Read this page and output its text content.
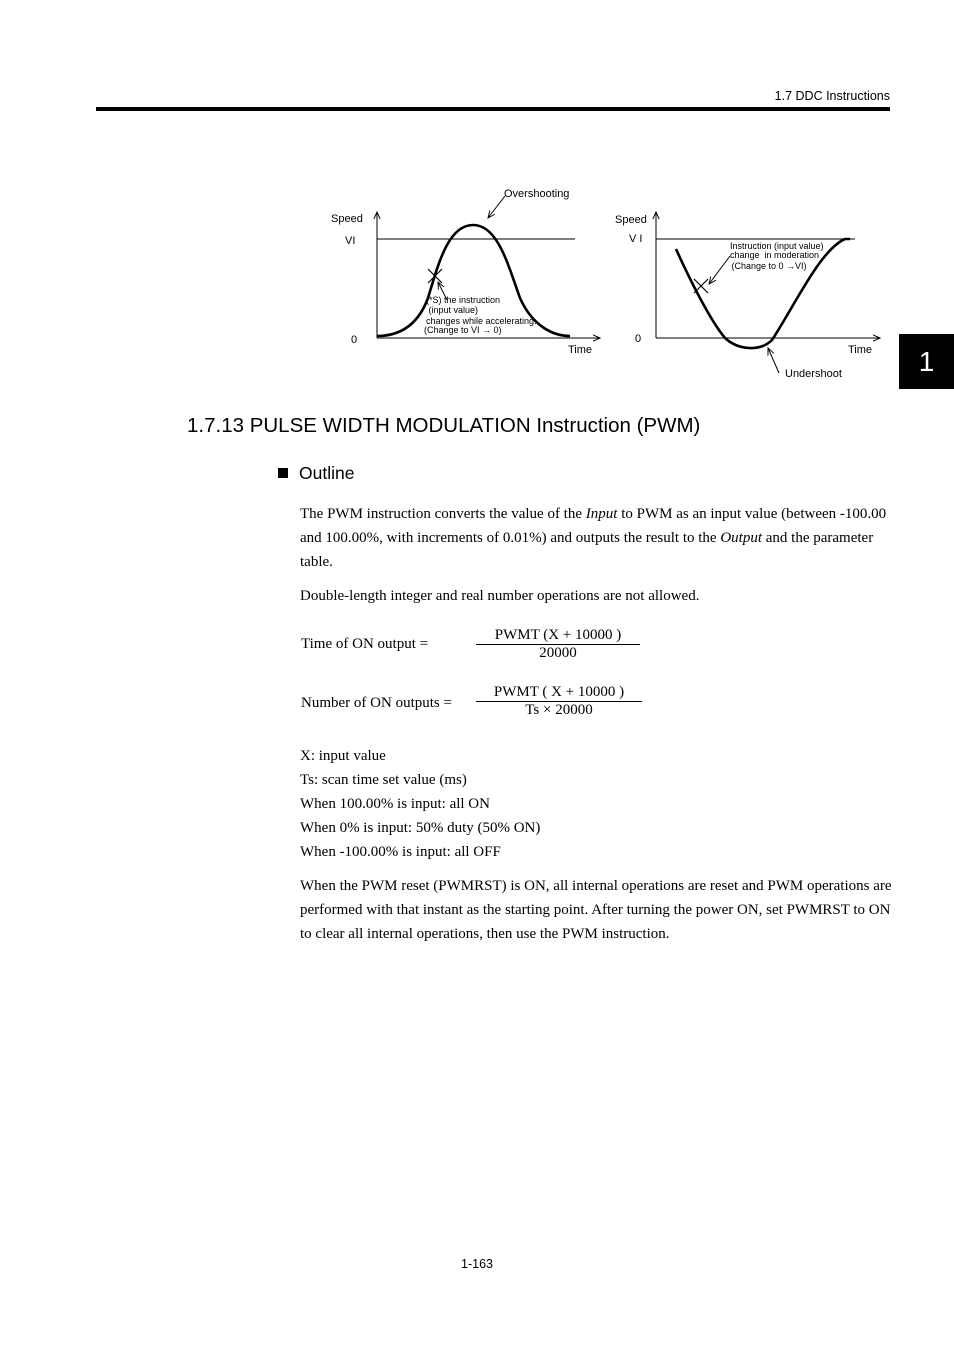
1.7 DDC Instructions
1
Speed
VI
0
Time
Overshooting
(*S) the instruction
(input value)
changes while accelerating.
(Change to VI → 0)
Speed
V I
0
Time
Undershoot
Instruction (input value)
change  in moderation
(Change to 0 →VI)
1.7.13 PULSE WIDTH MODULATION Instruction (PWM)
Outline
The PWM instruction converts the value of the Input to PWM as an input value (between -100.00 and 100.00%, with increments of 0.01%) and outputs the result to the Output and the parameter table.
Double-length integer and real number operations are not allowed.
Time of ON output =
PWMT (X + 10000 )
20000
Number of ON outputs =
PWMT ( X + 10000 )
Ts × 20000
X: input value
Ts: scan time set value (ms)
When 100.00% is input: all ON
When 0% is input: 50% duty (50% ON)
When -100.00% is input: all OFF
When the PWM reset (PWMRST) is ON, all internal operations are reset and PWM operations are performed with that instant as the starting point. After turning the power ON, set PWMRST to ON to clear all internal operations, then use the PWM instruction.
1-163
